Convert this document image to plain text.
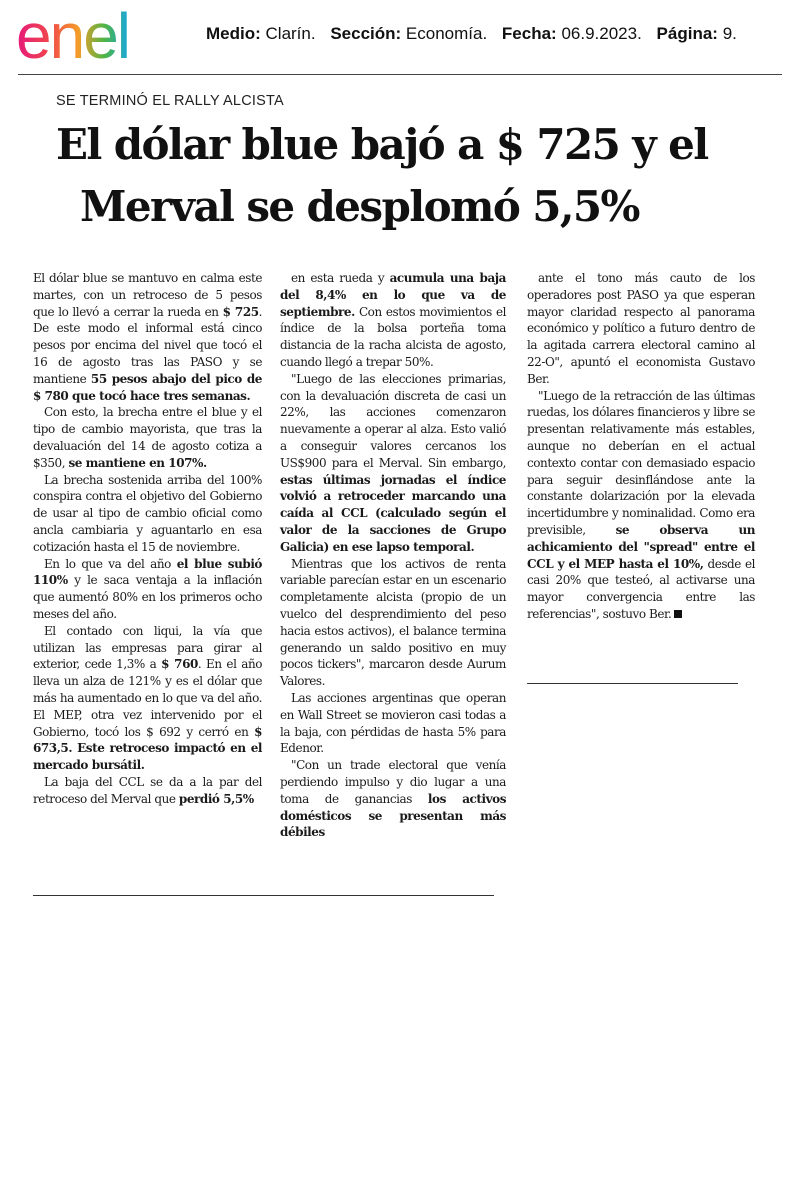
enel	Medio: Clarín. Sección: Economía. Fecha: 06.9.2023. Página: 9.
SE TERMINÓ EL RALLY ALCISTA
El dólar blue bajó a $ 725 y el
Merval se desplomó 5,5%

El dólar blue se mantuvo en calma este martes, con un retroceso de 5 pesos que lo llevó a cerrar la rueda en $ 725. De este modo el informal está cinco pesos por encima del nivel que tocó el 16 de agosto tras las PASO y se mantiene 55 pesos abajo del pico de $ 780 que tocó hace tres semanas.

Con esto, la brecha entre el blue y el tipo de cambio mayorista, que tras la devaluación del 14 de agosto cotiza a $350, se mantiene en 107%.

La brecha sostenida arriba del 100% conspira contra el objetivo del Gobierno de usar al tipo de cambio oficial como ancla cambiaria y aguantarlo en esa cotización hasta el 15 de noviembre.

En lo que va del año el blue subió 110% y le saca ventaja a la inflación que aumentó 80% en los primeros ocho meses del año.

El contado con liqui, la vía que utilizan las empresas para girar al exterior, cede 1,3% a $ 760. En el año lleva un alza de 121% y es el dólar que más ha aumentado en lo que va del año. El MEP, otra vez intervenido por el Gobierno, tocó los $ 692 y cerró en $ 673,5. Este retroceso impactó en el mercado bursátil.

La baja del CCL se da a la par del retroceso del Merval que perdió 5,5%

en esta rueda y acumula una baja del 8,4% en lo que va de septiembre. Con estos movimientos el índice de la bolsa porteña toma distancia de la racha alcista de agosto, cuando llegó a trepar 50%.

"Luego de las elecciones primarias, con la devaluación discreta de casi un 22%, las acciones comenzaron nuevamente a operar al alza. Esto valió a conseguir valores cercanos los US$900 para el Merval. Sin embargo, estas últimas jornadas el índice volvió a retroceder marcando una caída al CCL (calculado según el valor de la sacciones de Grupo Galicia) en ese lapso temporal.

Mientras que los activos de renta variable parecían estar en un escenario completamente alcista (propio de un vuelco del desprendimiento del peso hacia estos activos), el balance termina generando un saldo positivo en muy pocos tickers", marcaron desde Aurum Valores.

Las acciones argentinas que operan en Wall Street se movieron casi todas a la baja, con pérdidas de hasta 5% para Edenor.

"Con un trade electoral que venía perdiendo impulso y dio lugar a una toma de ganancias los activos domésticos se presentan más débiles

ante el tono más cauto de los operadores post PASO ya que esperan mayor claridad respecto al panorama económico y político a futuro dentro de la agitada carrera electoral camino al 22-O", apuntó el economista Gustavo Ber.

"Luego de la retracción de las últimas ruedas, los dólares financieros y libre se presentan relativamente más estables, aunque no deberían en el actual contexto contar con demasiado espacio para seguir desinflándose ante la constante dolarización por la elevada incertidumbre y nominalidad. Como era previsible, se observa un achicamiento del "spread" entre el CCL y el MEP hasta el 10%, desde el casi 20% que testeó, al activarse una mayor convergencia entre las referencias", sostuvo Ber.
